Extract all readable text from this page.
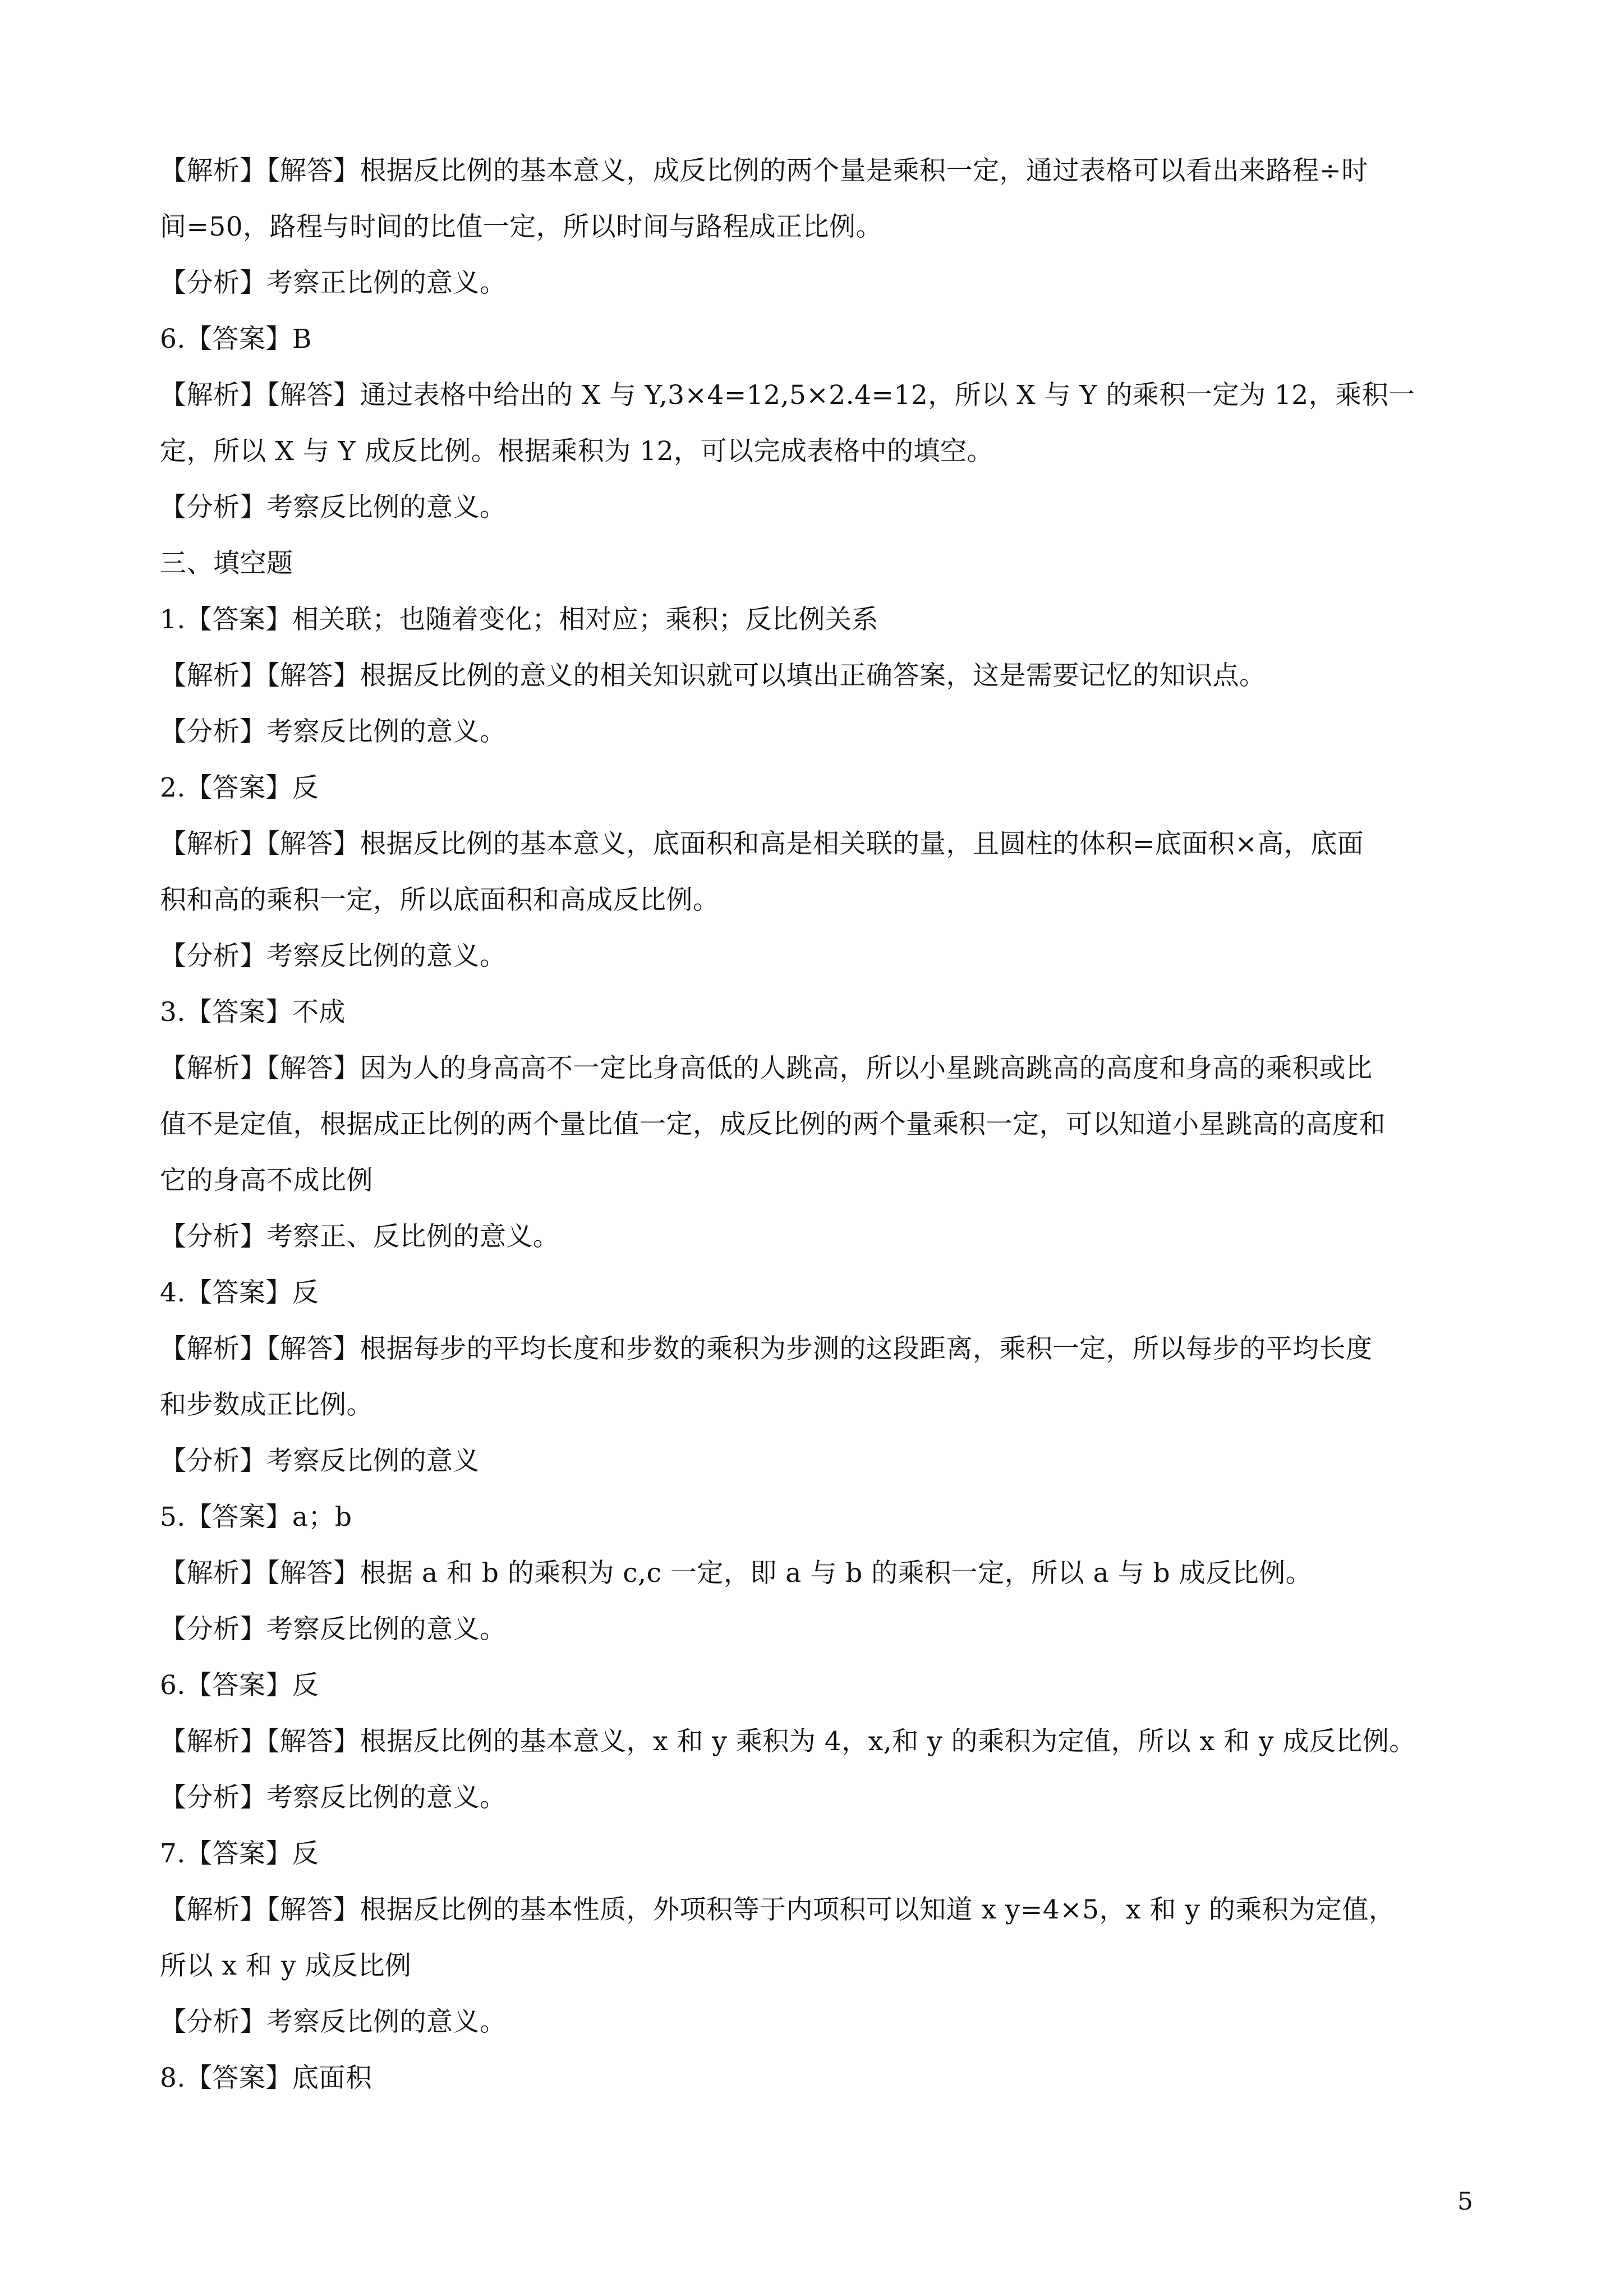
【解析】【解答】根据反比例的基本意义，成反比例的两个量是乘积一定，通过表格可以看出来路程÷时
间=50，路程与时间的比值一定，所以时间与路程成正比例。
【分析】考察正比例的意义。
6.【答案】B
【解析】【解答】通过表格中给出的 X 与 Y,3×4=12,5×2.4=12，所以 X 与 Y 的乘积一定为 12，乘积一
定，所以 X 与 Y 成反比例。根据乘积为 12，可以完成表格中的填空。
【分析】考察反比例的意义。
三、填空题
1.【答案】相关联；也随着变化；相对应；乘积；反比例关系
【解析】【解答】根据反比例的意义的相关知识就可以填出正确答案，这是需要记忆的知识点。
【分析】考察反比例的意义。
2.【答案】反
【解析】【解答】根据反比例的基本意义，底面积和高是相关联的量，且圆柱的体积=底面积×高，底面
积和高的乘积一定，所以底面积和高成反比例。
【分析】考察反比例的意义。
3.【答案】不成
【解析】【解答】因为人的身高高不一定比身高低的人跳高，所以小星跳高跳高的高度和身高的乘积或比
值不是定值，根据成正比例的两个量比值一定，成反比例的两个量乘积一定，可以知道小星跳高的高度和
它的身高不成比例
【分析】考察正、反比例的意义。
4.【答案】反
【解析】【解答】根据每步的平均长度和步数的乘积为步测的这段距离，乘积一定，所以每步的平均长度
和步数成正比例。
【分析】考察反比例的意义
5.【答案】a；b
【解析】【解答】根据 a 和 b 的乘积为 c,c 一定，即 a 与 b 的乘积一定，所以 a 与 b 成反比例。
【分析】考察反比例的意义。
6.【答案】反
【解析】【解答】根据反比例的基本意义，x 和 y 乘积为 4，x,和 y 的乘积为定值，所以 x 和 y 成反比例。
【分析】考察反比例的意义。
7.【答案】反
【解析】【解答】根据反比例的基本性质，外项积等于内项积可以知道 x y=4×5，x 和 y 的乘积为定值，
所以 x 和 y 成反比例
【分析】考察反比例的意义。
8.【答案】底面积
5
